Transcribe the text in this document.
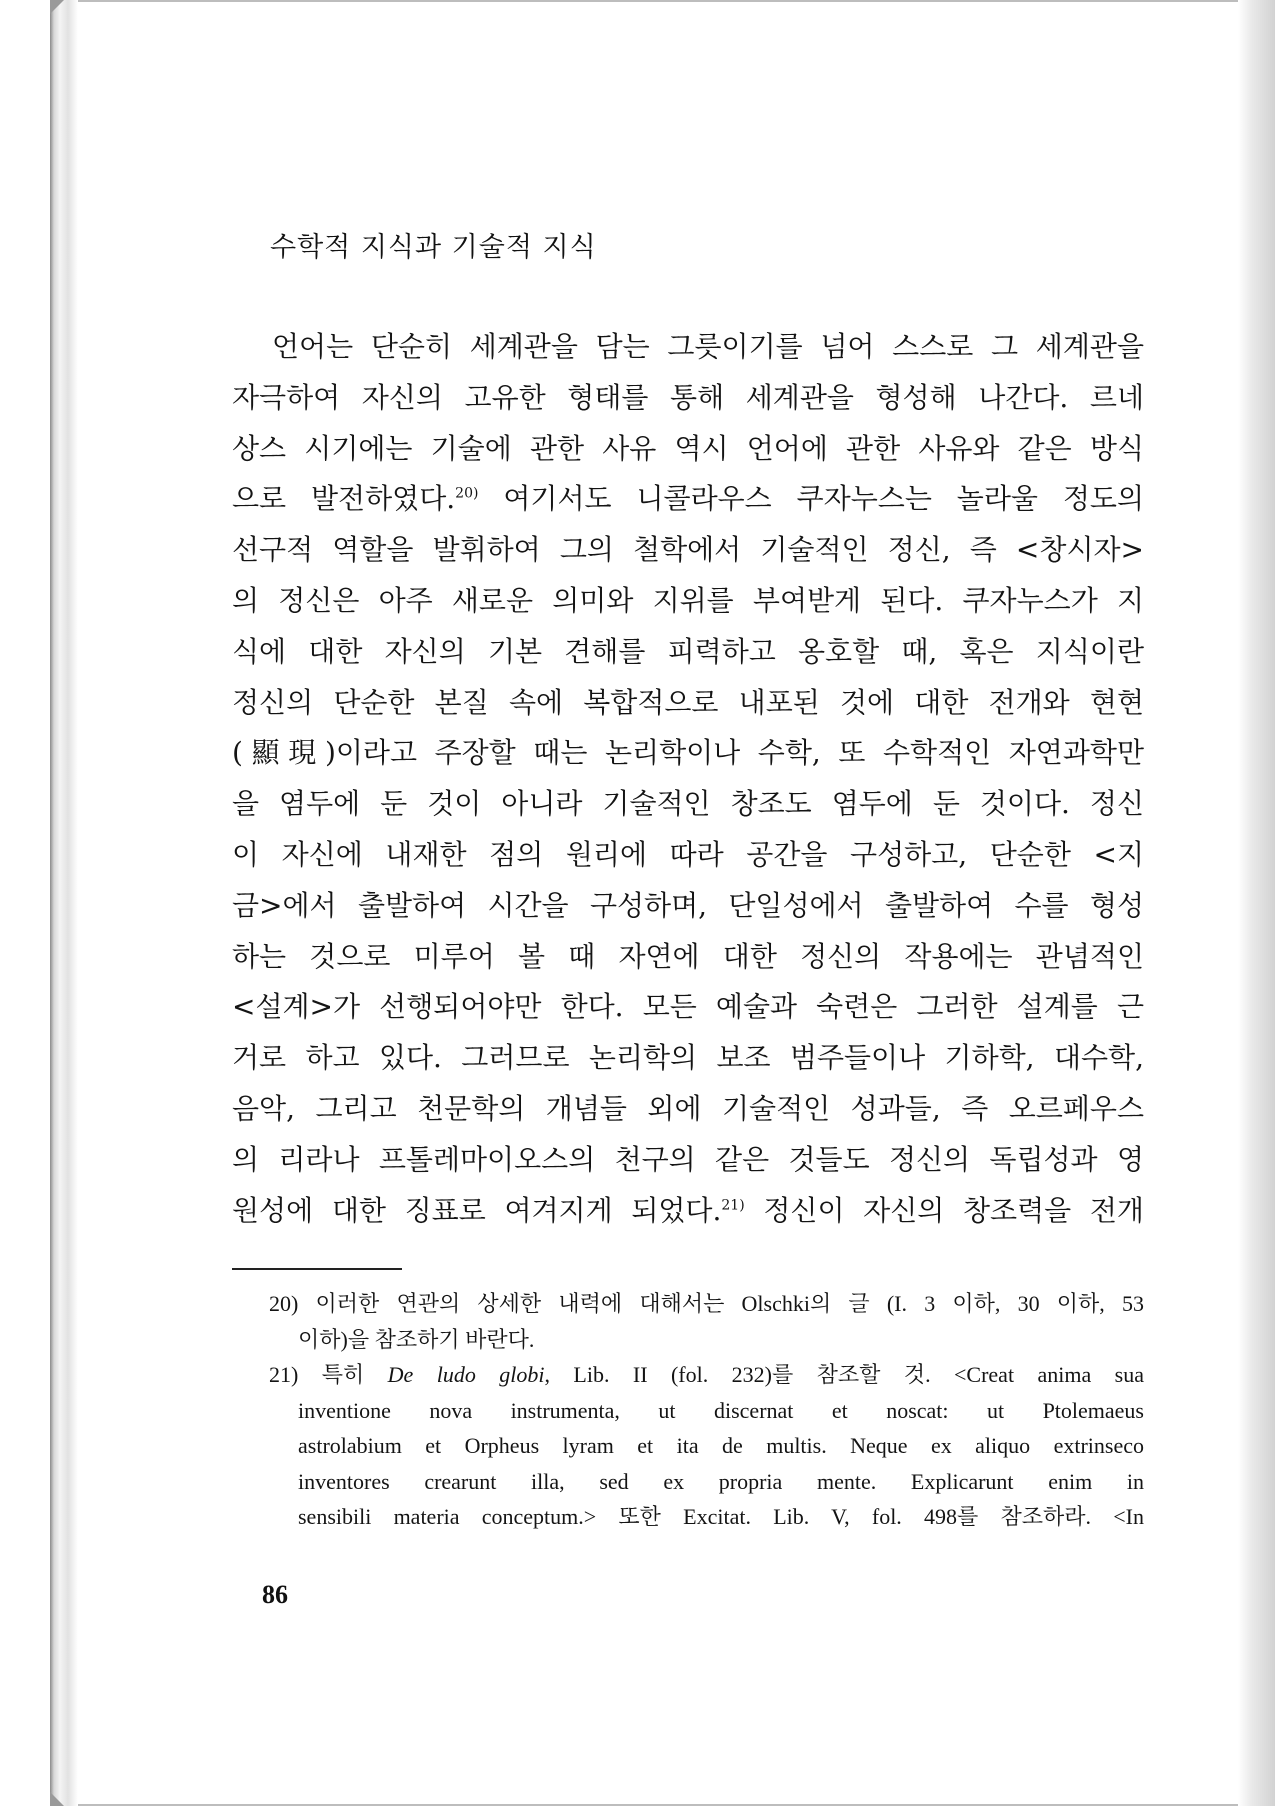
수학적 지식과 기술적 지식
언어는 단순히 세계관을 담는 그릇이기를 넘어 스스로 그 세계관을
자극하여 자신의 고유한 형태를 통해 세계관을 형성해 나간다. 르네
상스 시기에는 기술에 관한 사유 역시 언어에 관한 사유와 같은 방식
으로 발전하였다.$^{20)}$ 여기서도 니콜라우스 쿠자누스는 놀라울 정도의
선구적 역할을 발휘하여 그의 철학에서 기술적인 정신, 즉 <창시자>
의 정신은 아주 새로운 의미와 지위를 부여받게 된다. 쿠자누스가 지
식에 대한 자신의 기본 견해를 피력하고 옹호할 때, 혹은 지식이란
정신의 단순한 본질 속에 복합적으로 내포된 것에 대한 전개와 현현
(顯現)이라고 주장할 때는 논리학이나 수학, 또 수학적인 자연과학만
을 염두에 둔 것이 아니라 기술적인 창조도 염두에 둔 것이다. 정신
이 자신에 내재한 점의 원리에 따라 공간을 구성하고, 단순한 <지
금>에서 출발하여 시간을 구성하며, 단일성에서 출발하여 수를 형성
하는 것으로 미루어 볼 때 자연에 대한 정신의 작용에는 관념적인
<설계>가 선행되어야만 한다. 모든 예술과 숙련은 그러한 설계를 근
거로 하고 있다. 그러므로 논리학의 보조 범주들이나 기하학, 대수학,
음악, 그리고 천문학의 개념들 외에 기술적인 성과들, 즉 오르페우스
의 리라나 프톨레마이오스의 천구의 같은 것들도 정신의 독립성과 영
원성에 대한 징표로 여겨지게 되었다.$^{21)}$ 정신이 자신의 창조력을 전개
20) 이러한 연관의 상세한 내력에 대해서는 Olschki의 글 (I. 3 이하, 30 이하, 53
이하)을 참조하기 바란다.
21) 특히 De ludo globi, Lib. II (fol. 232)를 참조할 것. <Creat anima sua
inventione nova instrumenta, ut discernat et noscat: ut Ptolemaeus
astrolabium et Orpheus lyram et ita de multis. Neque ex aliquo extrinseco
inventores crearunt illa, sed ex propria mente. Explicarunt enim in
sensibili materia conceptum.> 또한 Excitat. Lib. V, fol. 498를 참조하라. <In
86
